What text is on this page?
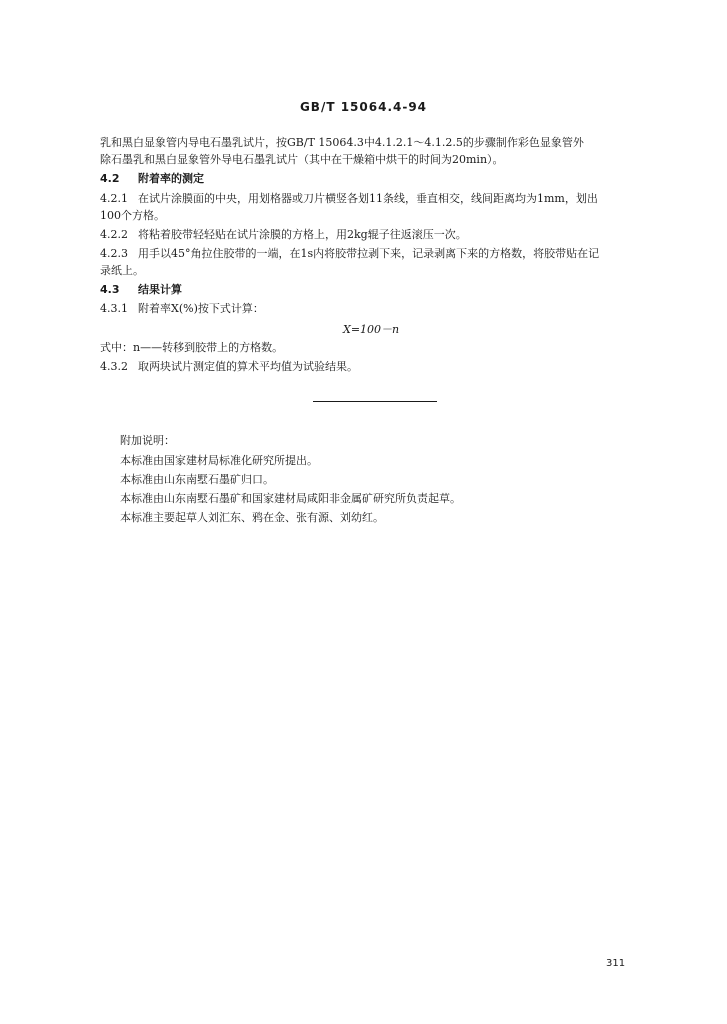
GB/T 15064.4-94
乳和黑白显象管内导电石墨乳试片，按GB/T 15064.3中4.1.2.1～4.1.2.5的步骤制作彩色显象管外
除石墨乳和黑白显象管外导电石墨乳试片（其中在干燥箱中烘干的时间为20min）。
4.2 附着率的测定
4.2.1 在试片涂膜面的中央，用划格器或刀片横竖各划11条线，垂直相交，线间距离均为1mm，划出
100个方格。
4.2.2 将粘着胶带轻轻贴在试片涂膜的方格上，用2kg辊子往返滚压一次。
4.2.3 用手以45°角拉住胶带的一端，在1s内将胶带拉剥下来，记录剥离下来的方格数，将胶带贴在记
录纸上。
4.3 结果计算
4.3.1 附着率X(%)按下式计算：
X=100－n
式中：n——转移到胶带上的方格数。
4.3.2 取两块试片测定值的算术平均值为试验结果。
附加说明：
本标准由国家建材局标准化研究所提出。
本标准由山东南墅石墨矿归口。
本标准由山东南墅石墨矿和国家建材局咸阳非金属矿研究所负责起草。
本标准主要起草人刘汇东、鸦在金、张有源、刘幼红。
311
